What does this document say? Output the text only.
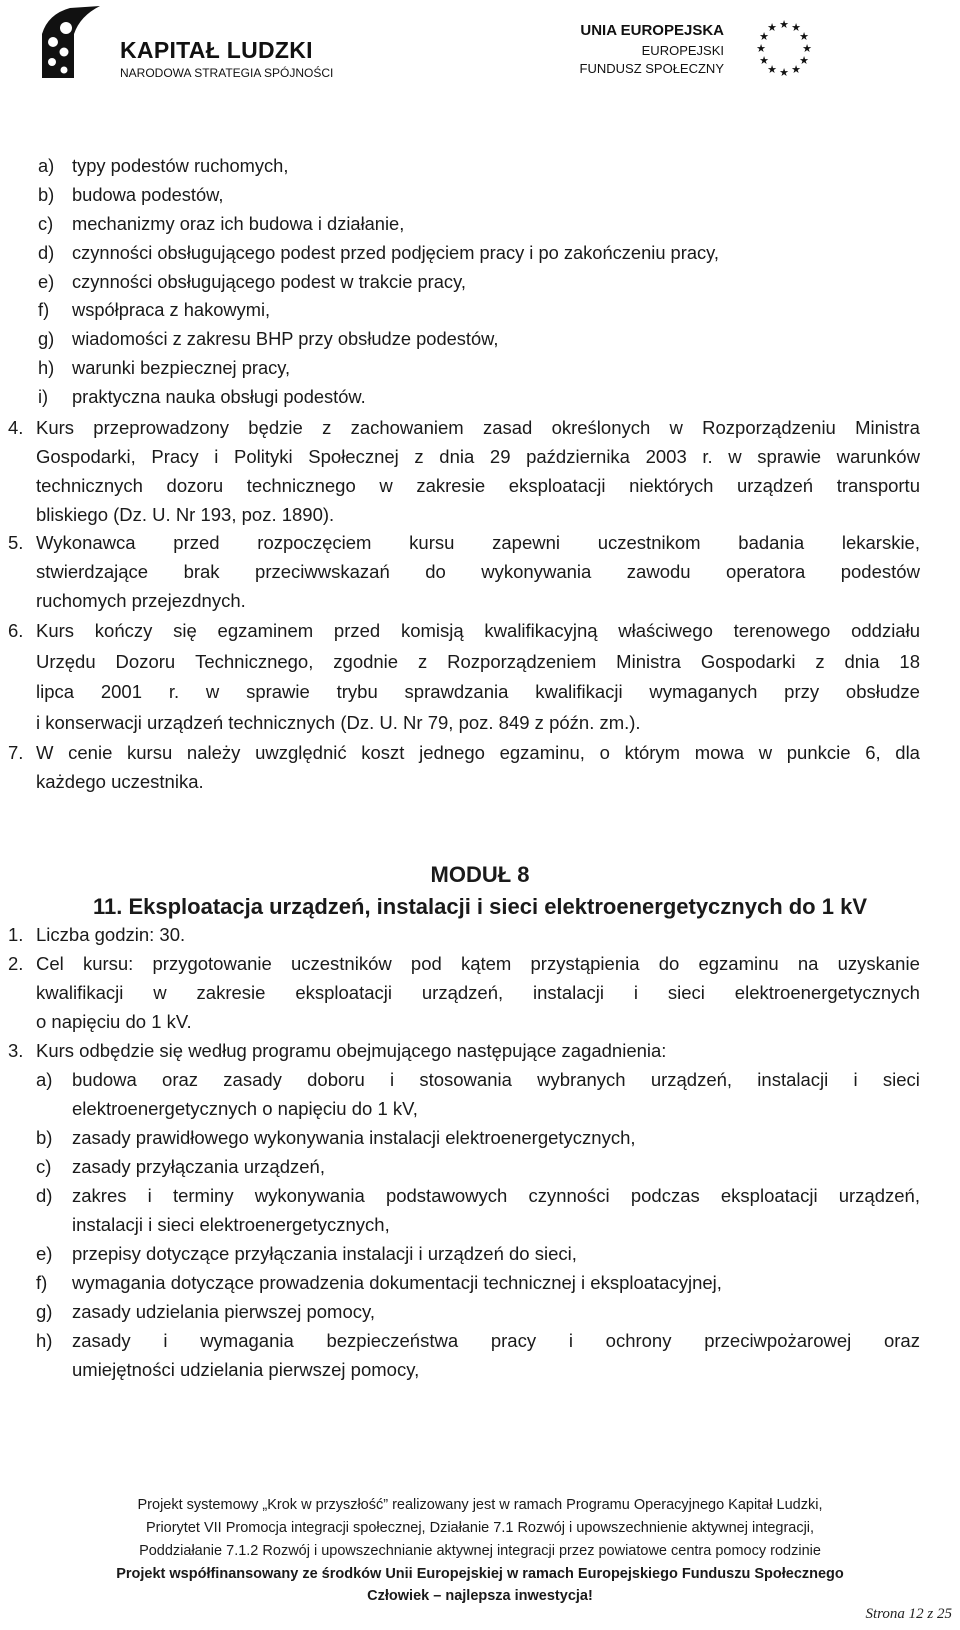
KAPITAŁ LUDZKI
NARODOWA STRATEGIA SPÓJNOŚCI
UNIA EUROPEJSKA
EUROPEJSKI
FUNDUSZ SPOŁECZNY
★ ★
★
★
★
★
★
★
★
★
★
★
a) typy podestów ruchomych,
b) budowa podestów,
c) mechanizmy oraz ich budowa i działanie,
d) czynności obsługującego podest przed podjęciem pracy i po zakończeniu pracy,
e) czynności obsługującego podest w trakcie pracy,
f) współpraca z hakowymi,
g) wiadomości z zakresu BHP przy obsłudze podestów,
h) warunki bezpiecznej pracy,
i) praktyczna nauka obsługi podestów.
4. Kurs przeprowadzony będzie z zachowaniem zasad określonych w Rozporządzeniu Ministra
Gospodarki, Pracy i Polityki Społecznej z dnia 29 października 2003 r. w sprawie warunków
technicznych dozoru technicznego w zakresie eksploatacji niektórych urządzeń transportu
bliskiego (Dz. U. Nr 193, poz. 1890).
5. Wykonawca przed rozpoczęciem kursu zapewni uczestnikom badania lekarskie,
stwierdzające brak przeciwwskazań do wykonywania zawodu operatora podestów
ruchomych przejezdnych.
6. Kurs kończy się egzaminem przed komisją kwalifikacyjną właściwego terenowego oddziału
Urzędu Dozoru Technicznego, zgodnie z Rozporządzeniem Ministra Gospodarki z dnia 18
lipca 2001 r. w sprawie trybu sprawdzania kwalifikacji wymaganych przy obsłudze
i konserwacji urządzeń technicznych (Dz. U. Nr 79, poz. 849 z późn. zm.).
7. W cenie kursu należy uwzględnić koszt jednego egzaminu, o którym mowa w punkcie 6, dla
każdego uczestnika.
1. Liczba godzin: 30.
2. Cel kursu: przygotowanie uczestników pod kątem przystąpienia do egzaminu na uzyskanie
kwalifikacji w zakresie eksploatacji urządzeń, instalacji i sieci elektroenergetycznych
o napięciu do 1 kV.
3. Kurs odbędzie się według programu obejmującego następujące zagadnienia:
a) budowa oraz zasady doboru i stosowania wybranych urządzeń, instalacji i sieci
elektroenergetycznych o napięciu do 1 kV,
b) zasady prawidłowego wykonywania instalacji elektroenergetycznych,
c) zasady przyłączania urządzeń,
d) zakres i terminy wykonywania podstawowych czynności podczas eksploatacji urządzeń,
instalacji i sieci elektroenergetycznych,
e) przepisy dotyczące przyłączania instalacji i urządzeń do sieci,
f) wymagania dotyczące prowadzenia dokumentacji technicznej i eksploatacyjnej,
g) zasady udzielania pierwszej pomocy,
h) zasady i wymagania bezpieczeństwa pracy i ochrony przeciwpożarowej oraz
umiejętności udzielania pierwszej pomocy,
MODUŁ 8
11. Eksploatacja urządzeń, instalacji i sieci elektroenergetycznych do 1 kV
Projekt systemowy „Krok w przyszłość” realizowany jest w ramach Programu Operacyjnego Kapitał Ludzki,
Priorytet VII Promocja integracji społecznej, Działanie 7.1 Rozwój i upowszechnienie aktywnej integracji,
Poddziałanie 7.1.2 Rozwój i upowszechnianie aktywnej integracji przez powiatowe centra pomocy rodzinie
Projekt współfinansowany ze środków Unii Europejskiej w ramach Europejskiego Funduszu Społecznego
Człowiek – najlepsza inwestycja!
Strona 12 z 25
